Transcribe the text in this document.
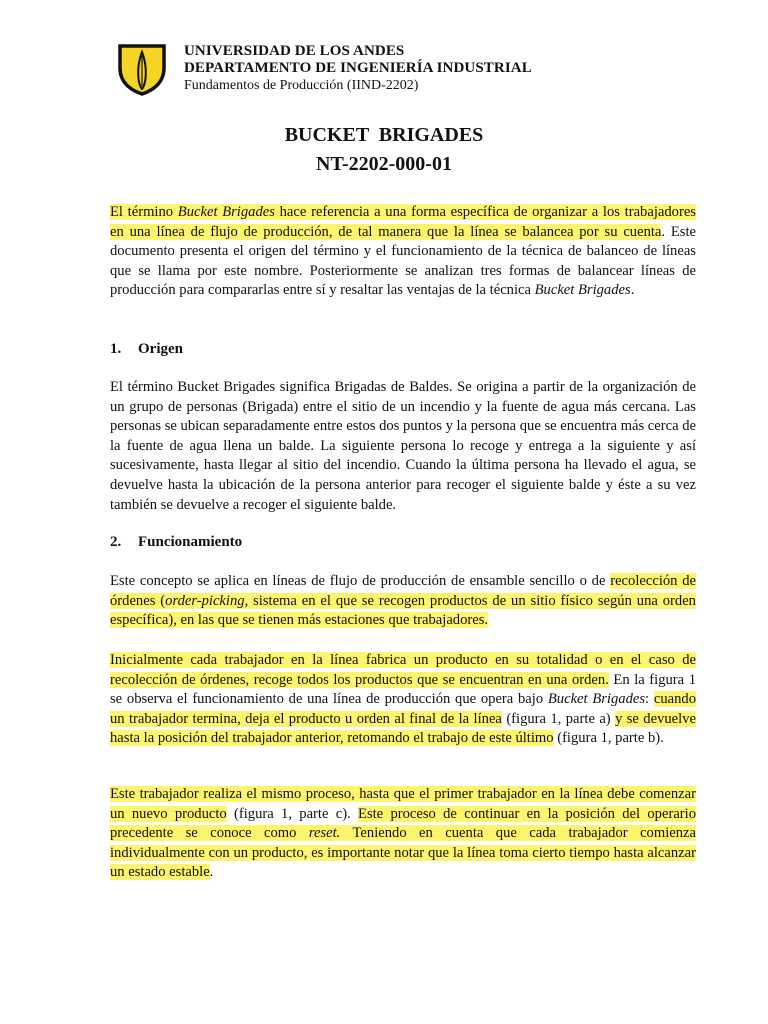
UNIVERSIDAD DE LOS ANDES
DEPARTAMENTO DE INGENIERÍA INDUSTRIAL
Fundamentos de Producción (IIND-2202)
BUCKET  BRIGADES
NT-2202-000-01

El término Bucket Brigades hace referencia a una forma específica de organizar a los trabajadores en una línea de flujo de producción, de tal manera que la línea se balancea por su cuenta. Este documento presenta el origen del término y el funcionamiento de la técnica de balanceo de líneas que se llama por este nombre. Posteriormente se analizan tres formas de balancear líneas de producción para compararlas entre sí y resaltar las ventajas de la técnica Bucket Brigades.

1. Origen

El término Bucket Brigades significa Brigadas de Baldes. Se origina a partir de la organización de un grupo de personas (Brigada) entre el sitio de un incendio y la fuente de agua más cercana. Las personas se ubican separadamente entre estos dos puntos y la persona que se encuentra más cerca de la fuente de agua llena un balde. La siguiente persona lo recoge y entrega a la siguiente y así sucesivamente, hasta llegar al sitio del incendio. Cuando la última persona ha llevado el agua, se devuelve hasta la ubicación de la persona anterior para recoger el siguiente balde y éste a su vez también se devuelve a recoger el siguiente balde.

2. Funcionamiento

Este concepto se aplica en líneas de flujo de producción de ensamble sencillo o de recolección de órdenes (order-picking, sistema en el que se recogen productos de un sitio físico según una orden específica), en las que se tienen más estaciones que trabajadores.

Inicialmente cada trabajador en la línea fabrica un producto en su totalidad o en el caso de recolección de órdenes, recoge todos los productos que se encuentran en una orden. En la figura 1 se observa el funcionamiento de una línea de producción que opera bajo Bucket Brigades: cuando un trabajador termina, deja el producto u orden al final de la línea (figura 1, parte a) y se devuelve hasta la posición del trabajador anterior, retomando el trabajo de este último (figura 1, parte b).

Este trabajador realiza el mismo proceso, hasta que el primer trabajador en la línea debe comenzar un nuevo producto (figura 1, parte c). Este proceso de continuar en la posición del operario precedente se conoce como reset. Teniendo en cuenta que cada trabajador comienza individualmente con un producto, es importante notar que la línea toma cierto tiempo hasta alcanzar un estado estable.
